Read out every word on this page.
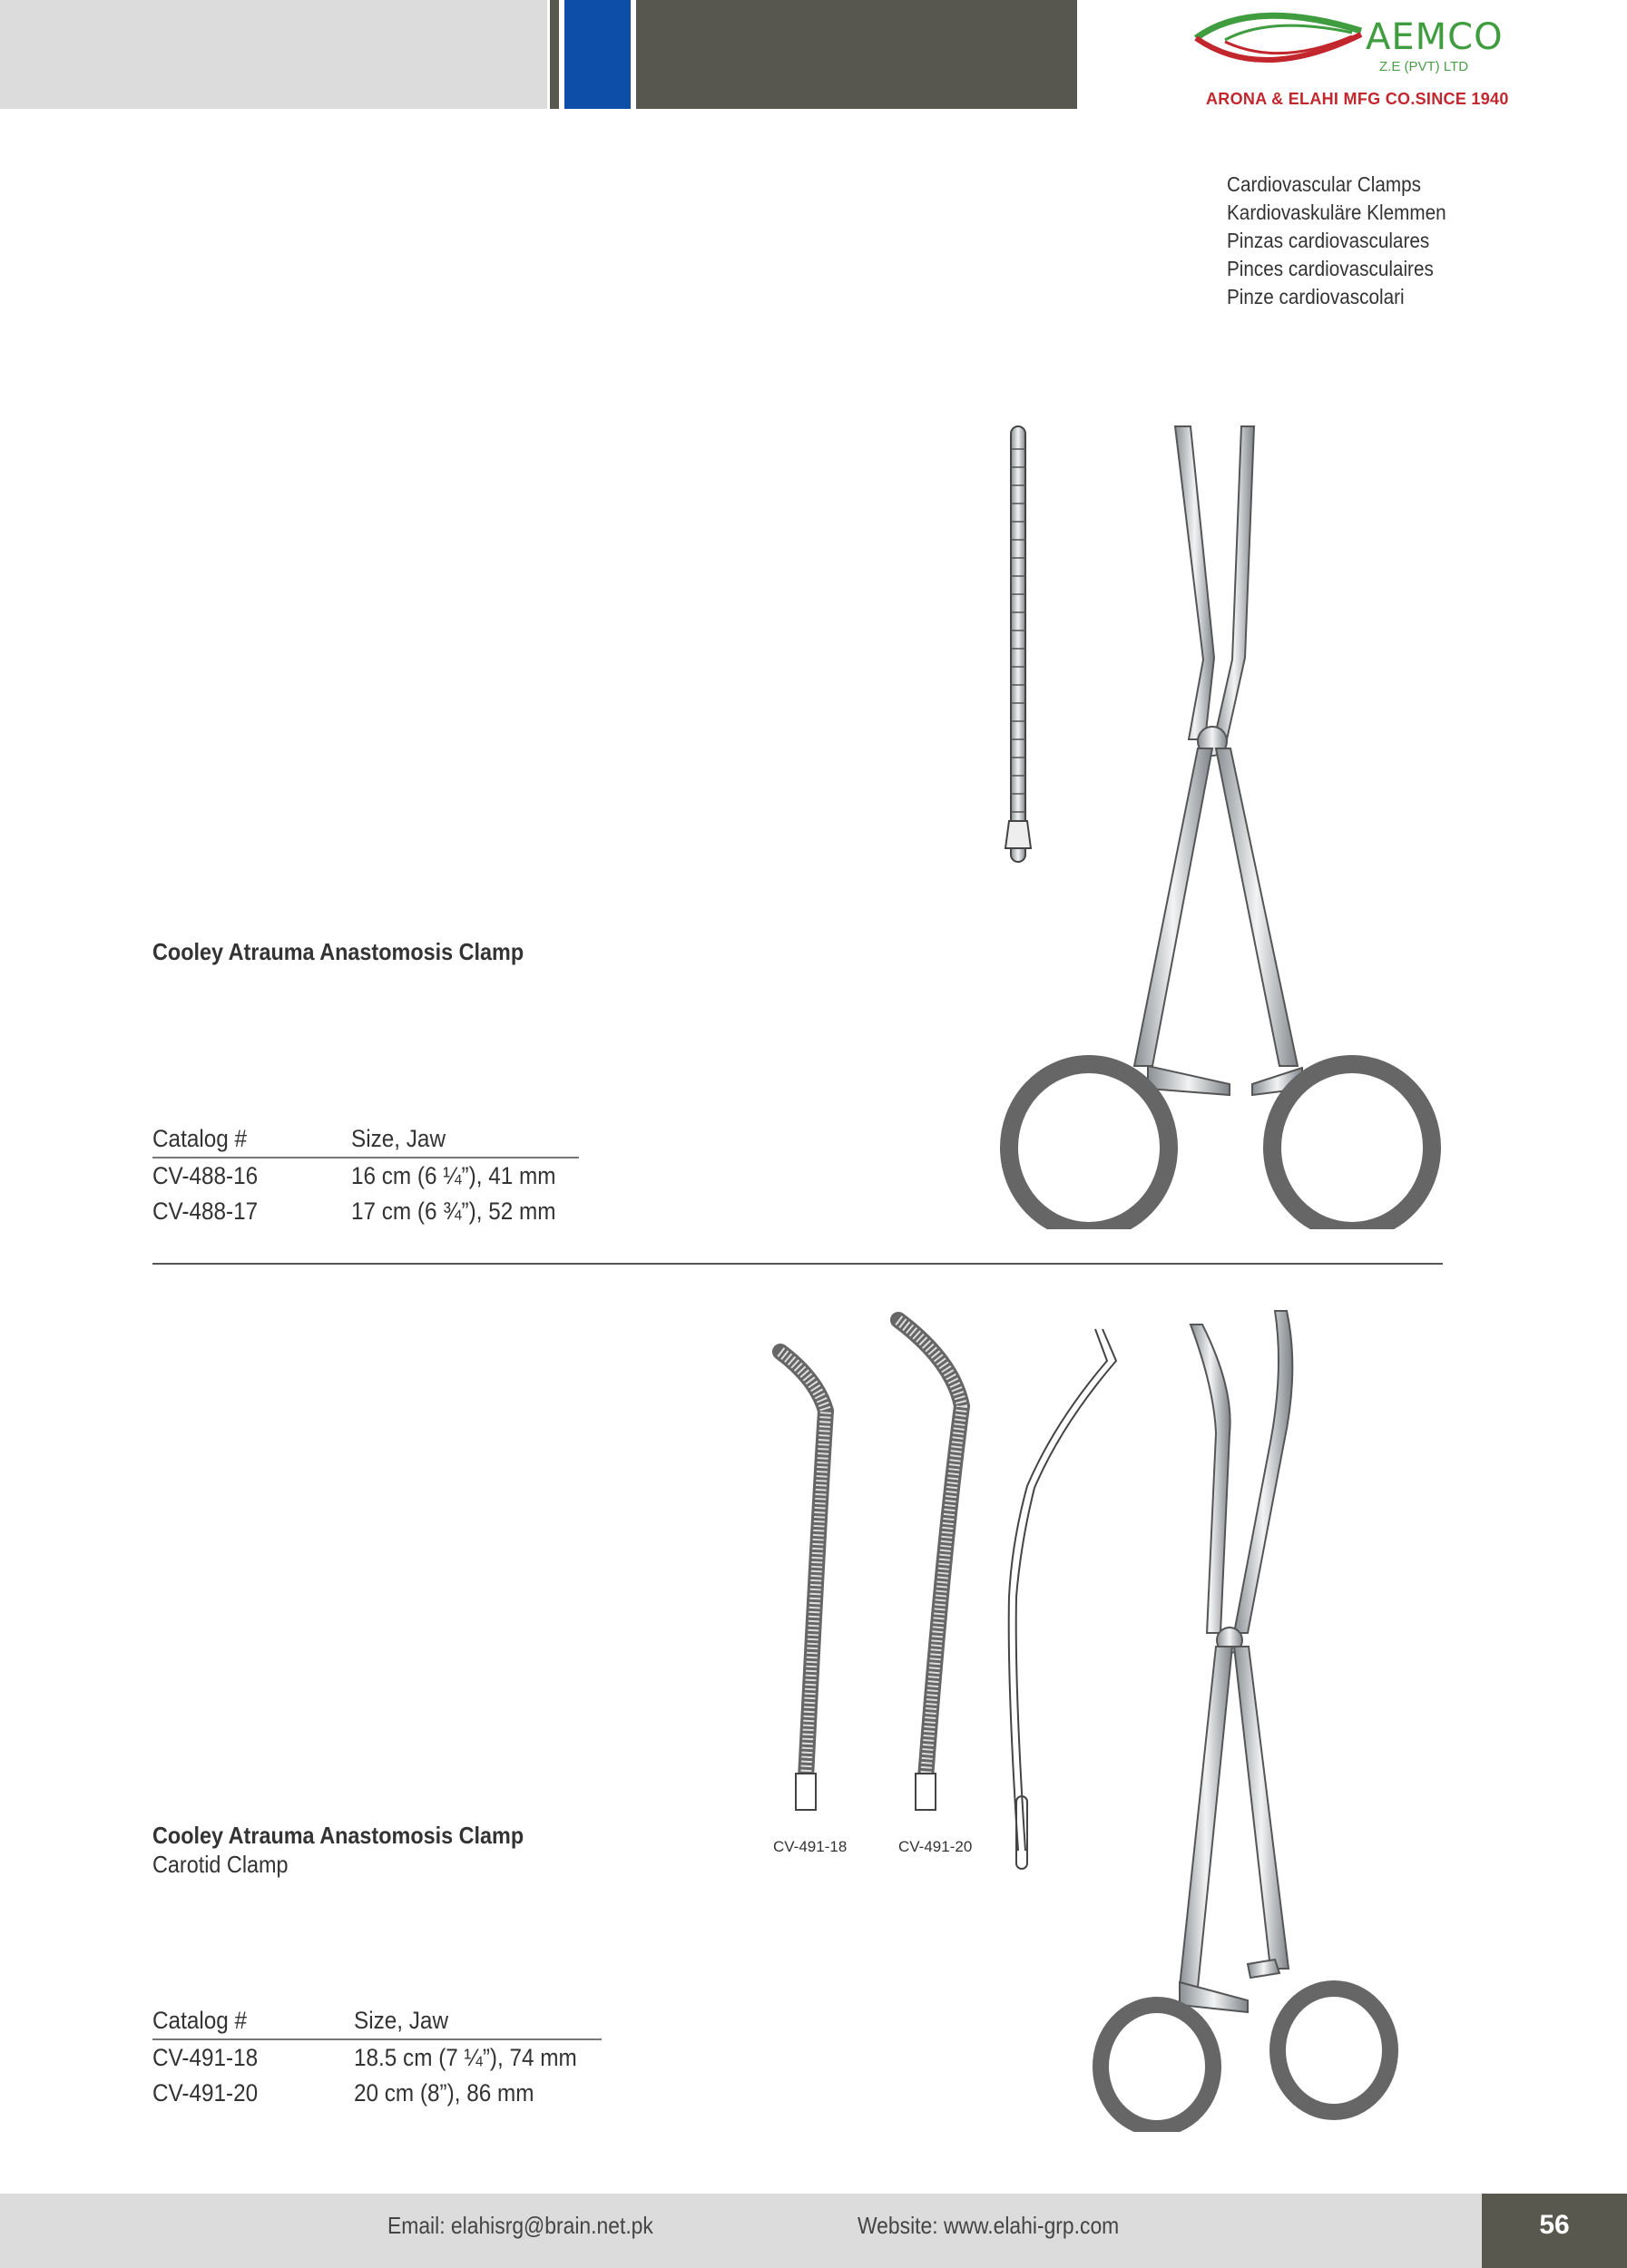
AEMCO
Z.E (PVT) LTD
ARONA & ELAHI MFG CO.SINCE 1940
Cardiovascular Clamps
Kardiovaskuläre Klemmen
Pinzas cardiovasculares
Pinces cardiovasculaires
Pinze cardiovascolari
Cooley Atrauma Anastomosis Clamp
Catalog #	Size, Jaw
CV-488-16	16 cm (6 ¼”), 41 mm
CV-488-17	17 cm (6 ¾”), 52 mm
CV-491-18	CV-491-20
Cooley Atrauma Anastomosis Clamp
Carotid Clamp
Catalog #	Size, Jaw
CV-491-18	18.5 cm (7 ¼”), 74 mm
CV-491-20	20 cm (8”), 86 mm
Email: elahisrg@brain.net.pk	Website: www.elahi-grp.com	56
